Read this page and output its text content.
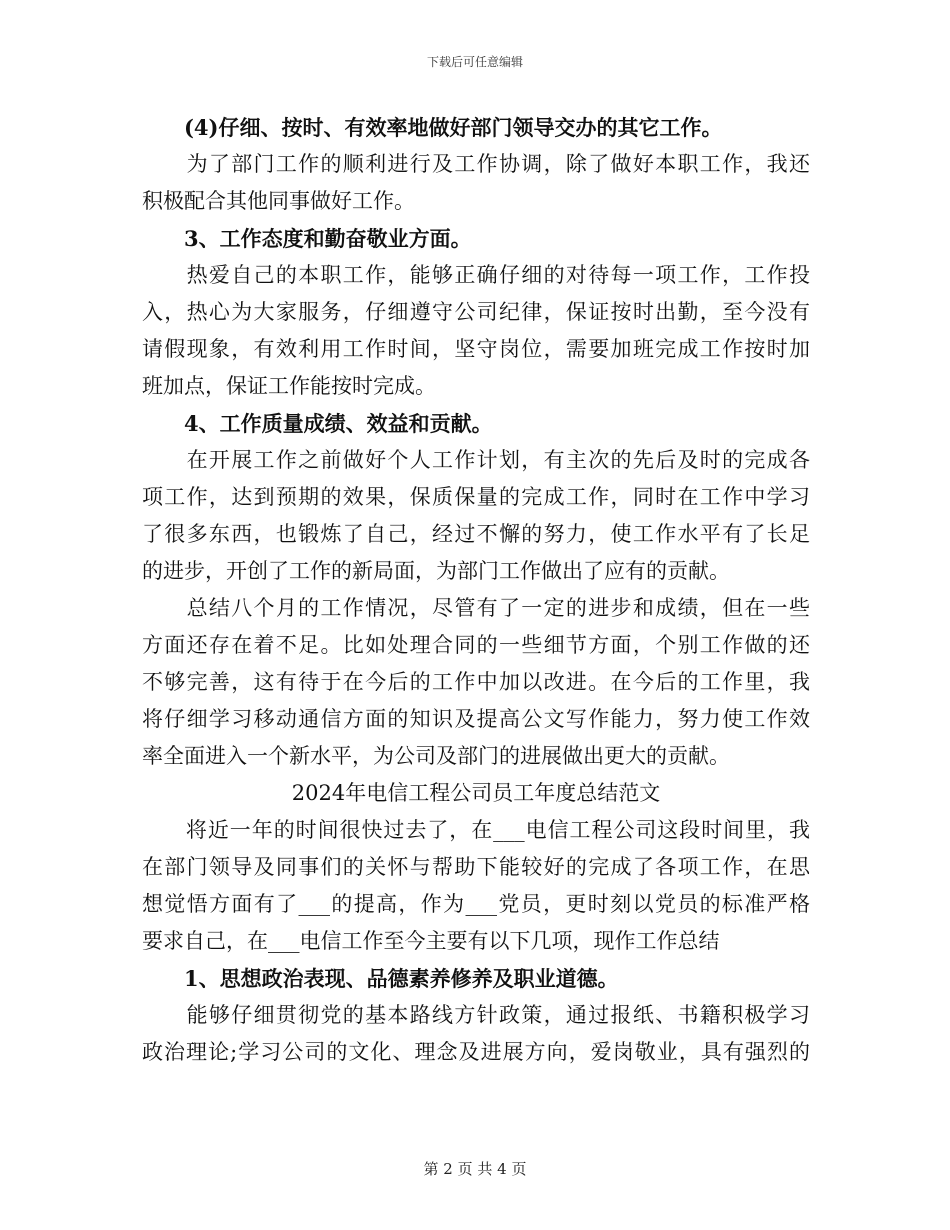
下载后可任意编辑
(4)仔细、按时、有效率地做好部门领导交办的其它工作。
　　为了部门工作的顺利进行及工作协调，除了做好本职工作，我还
积极配合其他同事做好工作。
　　3、工作态度和勤奋敬业方面。
　　热爱自己的本职工作，能够正确仔细的对待每一项工作，工作投
入，热心为大家服务，仔细遵守公司纪律，保证按时出勤，至今没有
请假现象，有效利用工作时间，坚守岗位，需要加班完成工作按时加
班加点，保证工作能按时完成。
　　4、工作质量成绩、效益和贡献。
　　在开展工作之前做好个人工作计划，有主次的先后及时的完成各
项工作，达到预期的效果，保质保量的完成工作，同时在工作中学习
了很多东西，也锻炼了自己，经过不懈的努力，使工作水平有了长足
的进步，开创了工作的新局面，为部门工作做出了应有的贡献。
　　总结八个月的工作情况，尽管有了一定的进步和成绩，但在一些
方面还存在着不足。比如处理合同的一些细节方面，个别工作做的还
不够完善，这有待于在今后的工作中加以改进。在今后的工作里，我
将仔细学习移动通信方面的知识及提高公文写作能力，努力使工作效
率全面进入一个新水平，为公司及部门的进展做出更大的贡献。
2024年电信工程公司员工年度总结范文
　　将近一年的时间很快过去了，在___电信工程公司这段时间里，我
在部门领导及同事们的关怀与帮助下能较好的完成了各项工作，在思
想觉悟方面有了___的提高，作为___党员，更时刻以党员的标准严格
要求自己，在___电信工作至今主要有以下几项，现作工作总结
　　1、思想政治表现、品德素养修养及职业道德。
　　能够仔细贯彻党的基本路线方针政策，通过报纸、书籍积极学习
政治理论;学习公司的文化、理念及进展方向，爱岗敬业，具有强烈的
第 2 页 共 4 页
